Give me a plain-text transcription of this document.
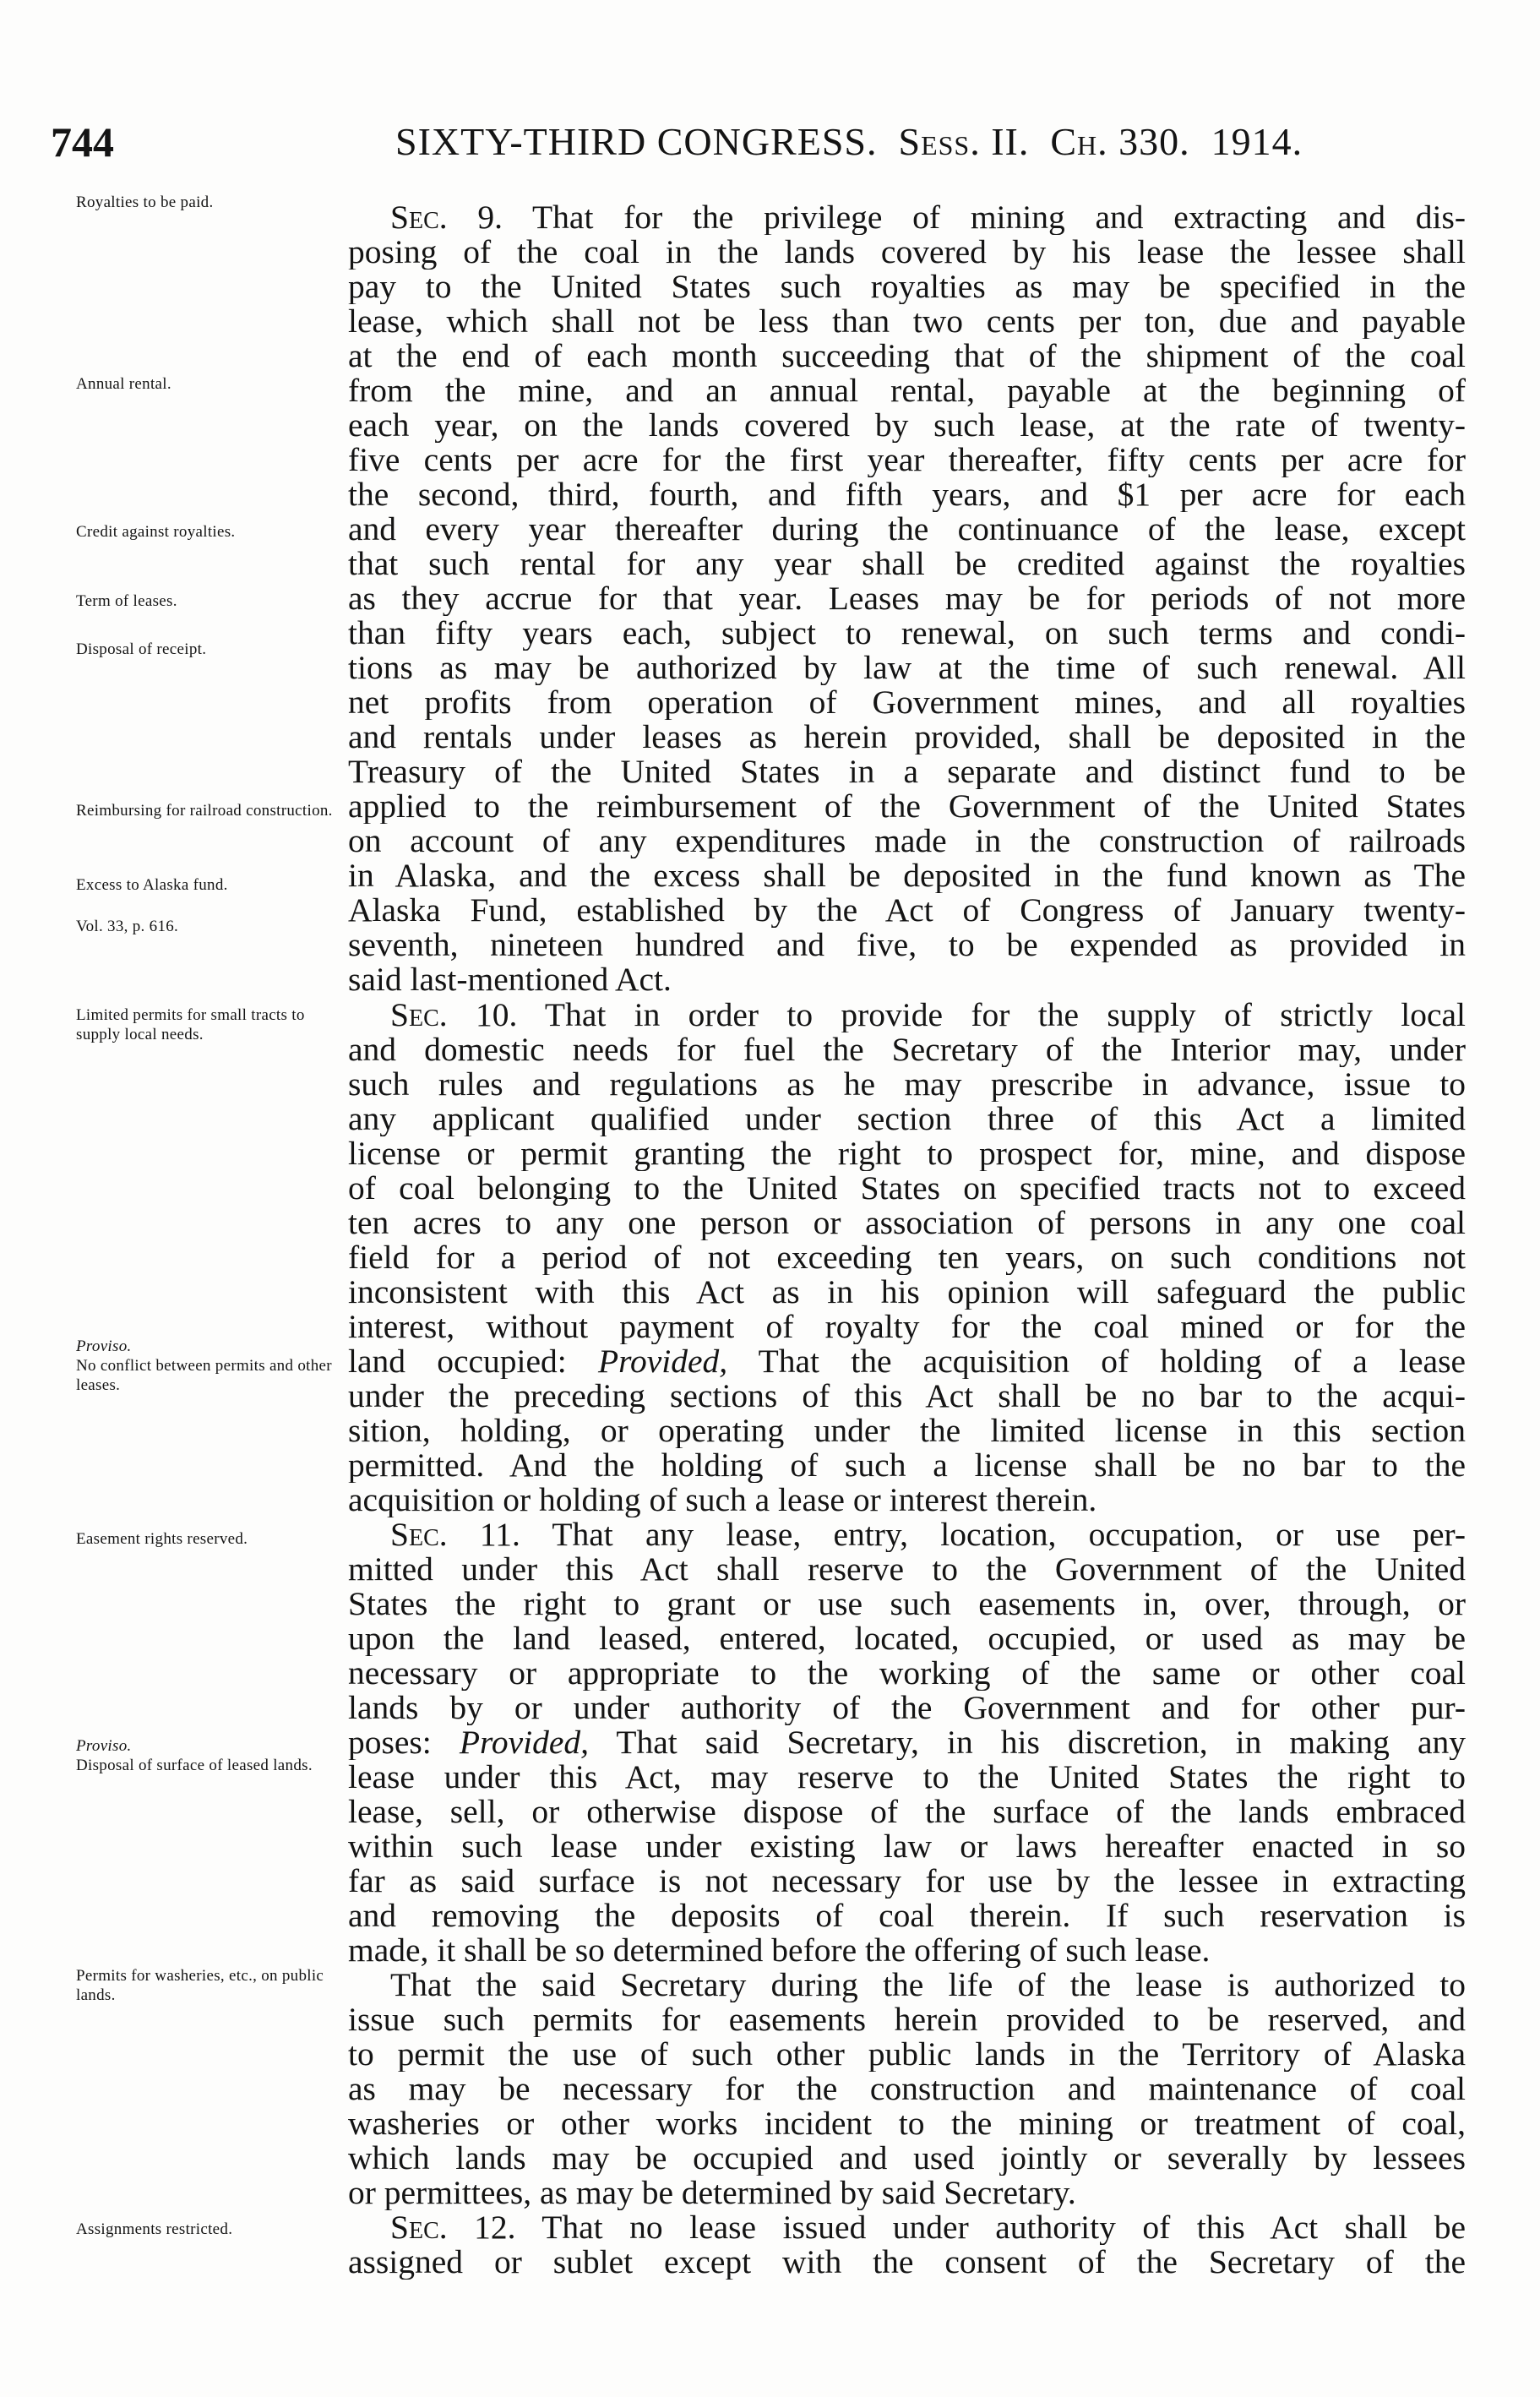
744	SIXTY-THIRD CONGRESS. Sess. II. Ch. 330. 1914.
Royalties to be paid.
Annual rental.
Credit against royalties.
Term of leases.
Disposal of receipt.
Reimbursing for railroad construction.
Excess to Alaska fund.
Vol. 33, p. 616.
Limited permits for small tracts to supply local needs.
Proviso.
No conflict between permits and other leases.
Easement rights reserved.
Proviso.
Disposal of surface of leased lands.
Permits for washeries, etc., on public lands.
Assignments restricted.
Sec. 9. That for the privilege of mining and extracting and dis-
posing of the coal in the lands covered by his lease the lessee shall
pay to the United States such royalties as may be specified in the
lease, which shall not be less than two cents per ton, due and payable
at the end of each month succeeding that of the shipment of the coal
from the mine, and an annual rental, payable at the beginning of
each year, on the lands covered by such lease, at the rate of twenty-
five cents per acre for the first year thereafter, fifty cents per acre for
the second, third, fourth, and fifth years, and $1 per acre for each
and every year thereafter during the continuance of the lease, except
that such rental for any year shall be credited against the royalties
as they accrue for that year. Leases may be for periods of not more
than fifty years each, subject to renewal, on such terms and condi-
tions as may be authorized by law at the time of such renewal. All
net profits from operation of Government mines, and all royalties
and rentals under leases as herein provided, shall be deposited in the
Treasury of the United States in a separate and distinct fund to be
applied to the reimbursement of the Government of the United States
on account of any expenditures made in the construction of railroads
in Alaska, and the excess shall be deposited in the fund known as The
Alaska Fund, established by the Act of Congress of January twenty-
seventh, nineteen hundred and five, to be expended as provided in
said last-mentioned Act.
Sec. 10. That in order to provide for the supply of strictly local
and domestic needs for fuel the Secretary of the Interior may, under
such rules and regulations as he may prescribe in advance, issue to
any applicant qualified under section three of this Act a limited
license or permit granting the right to prospect for, mine, and dispose
of coal belonging to the United States on specified tracts not to exceed
ten acres to any one person or association of persons in any one coal
field for a period of not exceeding ten years, on such conditions not
inconsistent with this Act as in his opinion will safeguard the public
interest, without payment of royalty for the coal mined or for the
land occupied: Provided, That the acquisition of holding of a lease
under the preceding sections of this Act shall be no bar to the acqui-
sition, holding, or operating under the limited license in this section
permitted. And the holding of such a license shall be no bar to the
acquisition or holding of such a lease or interest therein.
Sec. 11. That any lease, entry, location, occupation, or use per-
mitted under this Act shall reserve to the Government of the United
States the right to grant or use such easements in, over, through, or
upon the land leased, entered, located, occupied, or used as may be
necessary or appropriate to the working of the same or other coal
lands by or under authority of the Government and for other pur-
poses: Provided, That said Secretary, in his discretion, in making any
lease under this Act, may reserve to the United States the right to
lease, sell, or otherwise dispose of the surface of the lands embraced
within such lease under existing law or laws hereafter enacted in so
far as said surface is not necessary for use by the lessee in extracting
and removing the deposits of coal therein. If such reservation is
made, it shall be so determined before the offering of such lease.
That the said Secretary during the life of the lease is authorized to
issue such permits for easements herein provided to be reserved, and
to permit the use of such other public lands in the Territory of Alaska
as may be necessary for the construction and maintenance of coal
washeries or other works incident to the mining or treatment of coal,
which lands may be occupied and used jointly or severally by lessees
or permittees, as may be determined by said Secretary.
Sec. 12. That no lease issued under authority of this Act shall be
assigned or sublet except with the consent of the Secretary of the
